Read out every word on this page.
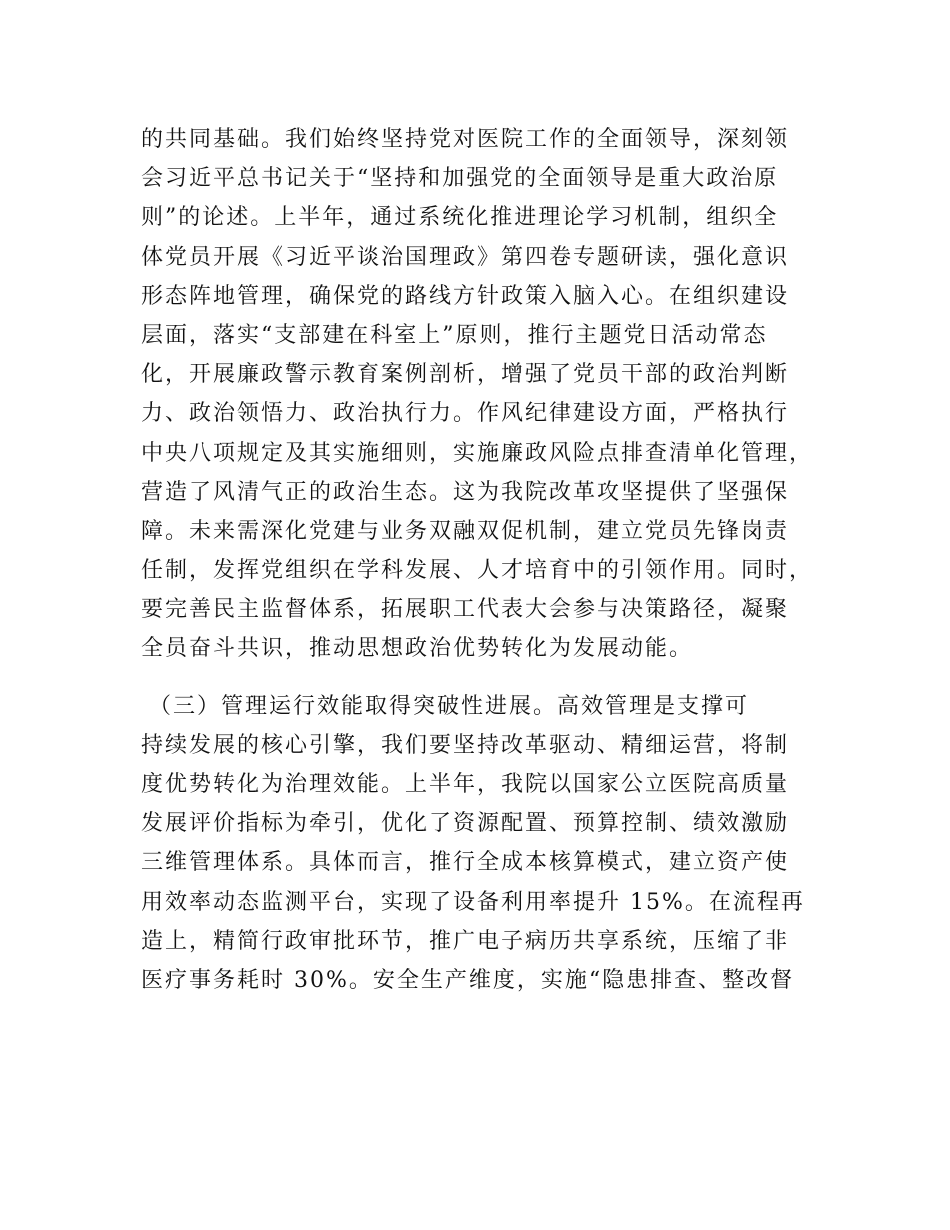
的共同基础。我们始终坚持党对医院工作的全面领导，深刻领
会习近平总书记关于“坚持和加强党的全面领导是重大政治原
则”的论述。上半年，通过系统化推进理论学习机制，组织全
体党员开展《习近平谈治国理政》第四卷专题研读，强化意识
形态阵地管理，确保党的路线方针政策入脑入心。在组织建设
层面，落实“支部建在科室上”原则，推行主题党日活动常态
化，开展廉政警示教育案例剖析，增强了党员干部的政治判断
力、政治领悟力、政治执行力。作风纪律建设方面，严格执行
中央八项规定及其实施细则，实施廉政风险点排查清单化管理，
营造了风清气正的政治生态。这为我院改革攻坚提供了坚强保
障。未来需深化党建与业务双融双促机制，建立党员先锋岗责
任制，发挥党组织在学科发展、人才培育中的引领作用。同时，
要完善民主监督体系，拓展职工代表大会参与决策路径，凝聚
全员奋斗共识，推动思想政治优势转化为发展动能。
（三）管理运行效能取得突破性进展。高效管理是支撑可
持续发展的核心引擎，我们要坚持改革驱动、精细运营，将制
度优势转化为治理效能。上半年，我院以国家公立医院高质量
发展评价指标为牵引，优化了资源配置、预算控制、绩效激励
三维管理体系。具体而言，推行全成本核算模式，建立资产使
用效率动态监测平台，实现了设备利用率提升 15%。在流程再
造上，精简行政审批环节，推广电子病历共享系统，压缩了非
医疗事务耗时 30%。安全生产维度，实施“隐患排查、整改督
